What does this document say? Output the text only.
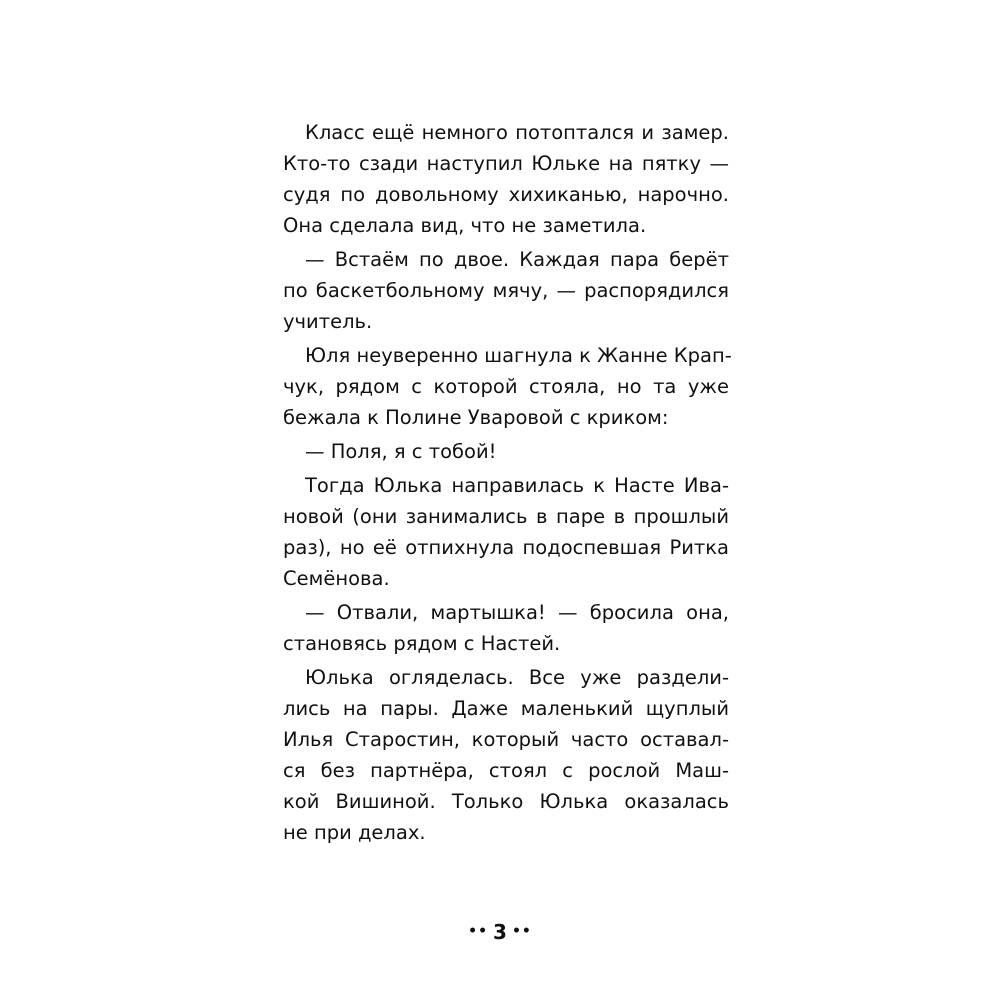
Класс ещё немного потоптался и замер.
Кто-то сзади наступил Юльке на пятку —
судя по довольному хихиканью, нарочно.
Она сделала вид, что не заметила.
— Встаём по двое. Каждая пара берёт
по баскетбольному мячу, — распорядился
учитель.
Юля неуверенно шагнула к Жанне Крап-
чук, рядом с которой стояла, но та уже
бежала к Полине Уваровой с криком:
— Поля, я с тобой!
Тогда Юлька направилась к Насте Ива-
новой (они занимались в паре в прошлый
раз), но её отпихнула подоспевшая Ритка
Семёнова.
— Отвали, мартышка! — бросила она,
становясь рядом с Настей.
Юлька огляделась. Все уже раздели-
лись на пары. Даже маленький щуплый
Илья Старостин, который часто оставал-
ся без партнёра, стоял с рослой Маш-
кой Вишиной. Только Юлька оказалась
не при делах.
•• 3 ••
